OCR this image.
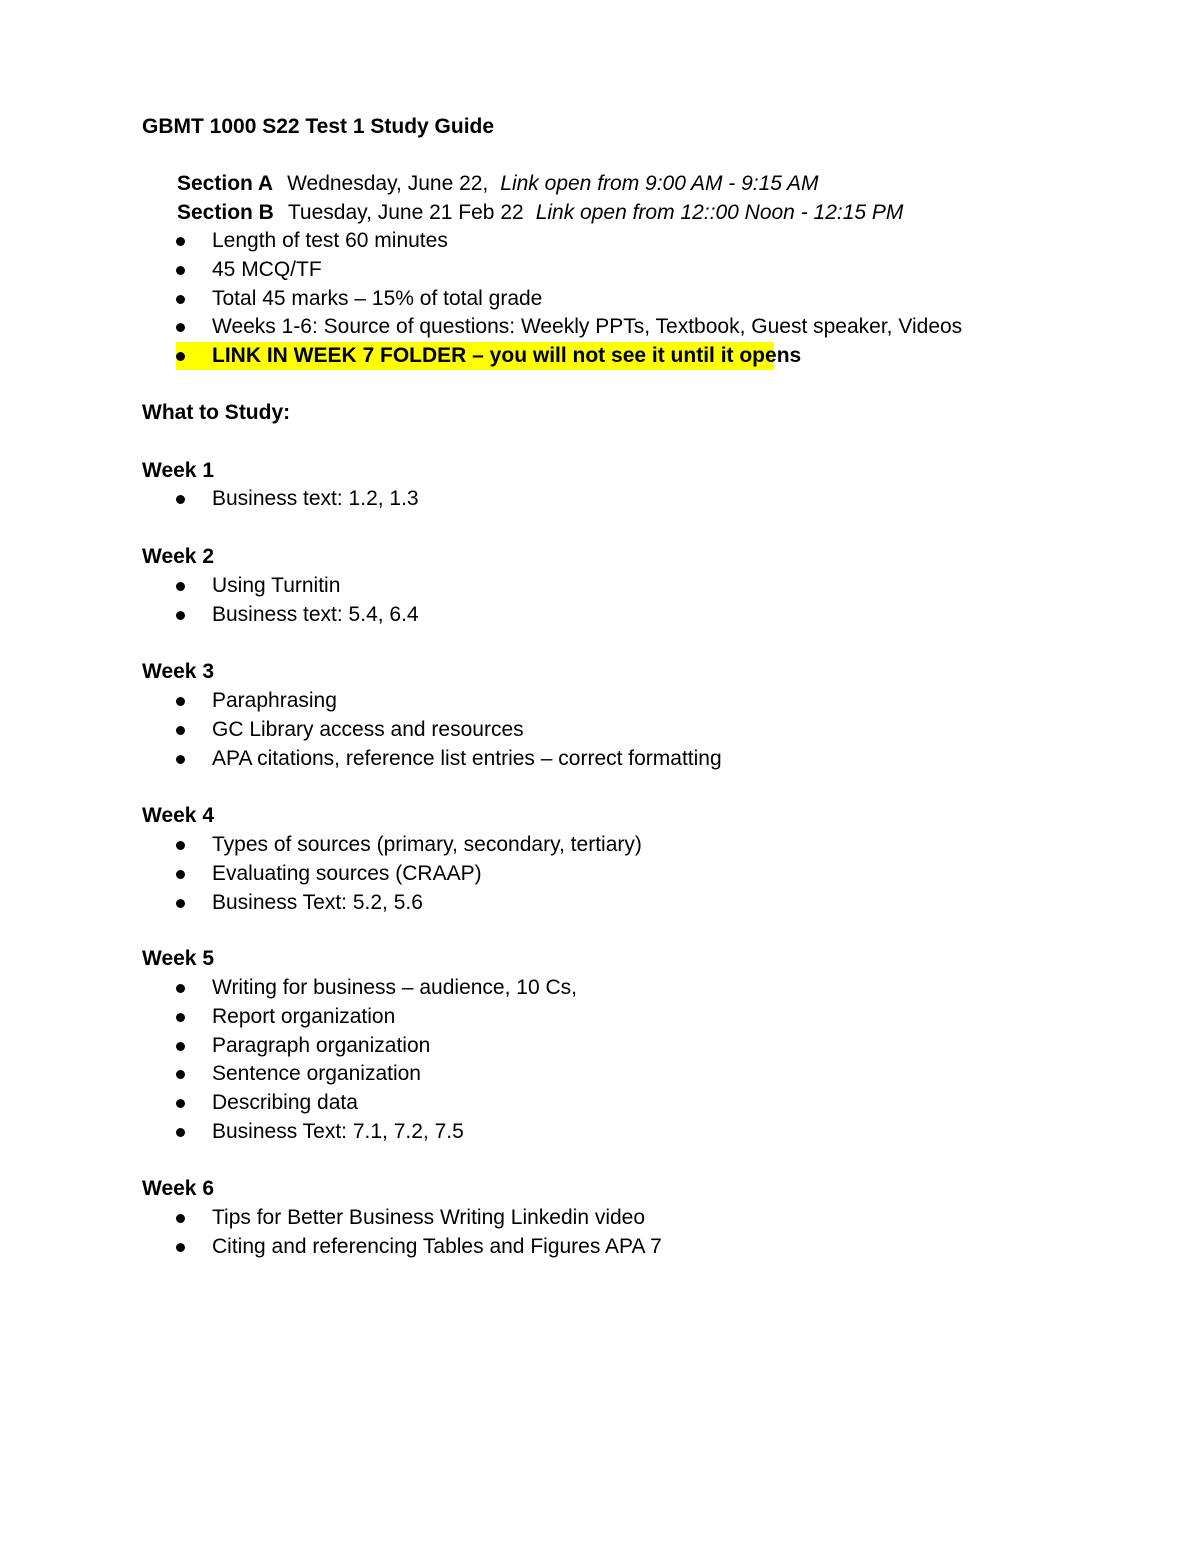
GBMT 1000 S22 Test 1 Study Guide
Section A Wednesday, June 22, Link open from 9:00 AM - 9:15 AM
Section B Tuesday, June 21 Feb 22 Link open from 12::00 Noon - 12:15 PM
Length of test 60 minutes
45 MCQ/TF
Total 45 marks – 15% of total grade
Weeks 1-6: Source of questions: Weekly PPTs, Textbook, Guest speaker, Videos
LINK IN WEEK 7 FOLDER – you will not see it until it opens
What to Study:
Week 1
Business text: 1.2, 1.3
Week 2
Using Turnitin
Business text: 5.4, 6.4
Week 3
Paraphrasing
GC Library access and resources
APA citations, reference list entries – correct formatting
Week 4
Types of sources (primary, secondary, tertiary)
Evaluating sources (CRAAP)
Business Text: 5.2, 5.6
Week 5
Writing for business – audience, 10 Cs,
Report organization
Paragraph organization
Sentence organization
Describing data
Business Text: 7.1, 7.2, 7.5
Week 6
Tips for Better Business Writing Linkedin video
Citing and referencing Tables and Figures APA 7
